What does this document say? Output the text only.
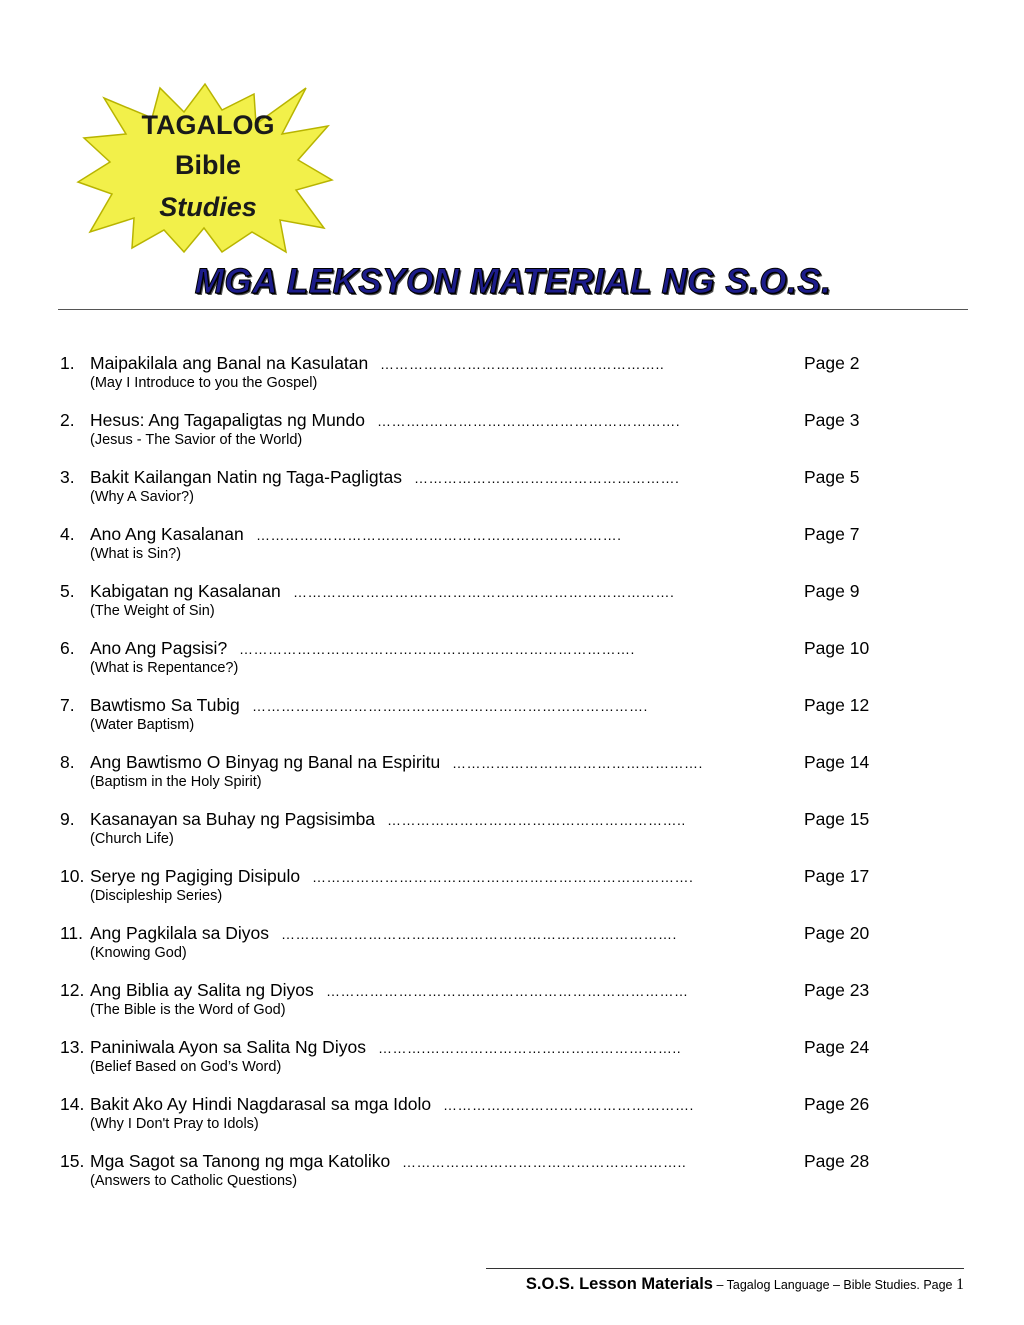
TAGALOG
Bible
Studies
MGA LEKSYON MATERIAL NG S.O.S.
1. Maipakilala ang Banal na Kasulatan …………………………………………………..	Page 2
(May I Introduce to you the Gospel)
2. Hesus: Ang Tagapaligtas ng Mundo ………..…………………………………………….	Page 3
(Jesus - The Savior of the World)
3. Bakit Kailangan Natin ng Taga-Pagligtas ……………………………………………….	Page 5
(Why A Savior?)
4. Ano Ang Kasalanan ………….……………..……………………………………….	Page 7
(What is Sin?)
5. Kabigatan ng Kasalanan …………………………………………………………………….	Page 9
(The Weight of Sin)
6. Ano Ang Pagsisi? ……………………………………………………………………….	Page 10
(What is Repentance?)
7. Bawtismo Sa Tubig ……………………………………………………………………….	Page 12
(Water Baptism)
8. Ang Bawtismo O Binyag ng Banal na Espiritu …………………………………………….	Page 14
(Baptism in the Holy Spirit)
9. Kasanayan sa Buhay ng Pagsisimba ……………………………………………………..	Page 15
(Church Life)
10. Serye ng Pagiging Disipulo …………………………………………………………………….	Page 17
(Discipleship Series)
11. Ang Pagkilala sa Diyos ……………………………………………………………………….	Page 20
(Knowing God)
12. Ang Biblia ay Salita ng Diyos …………………………………………………………………	Page 23
(The Bible is the Word of God)
13. Paniniwala Ayon sa Salita Ng Diyos ……….……………………………………………..	Page 24
(Belief Based on God’s Word)
14. Bakit Ako Ay Hindi Nagdarasal sa mga Idolo …………………………………………….	Page 26
(Why I Don't Pray to Idols)
15. Mga Sagot sa Tanong ng mga Katoliko …………………………………………………..	Page 28
(Answers to Catholic Questions)
S.O.S. Lesson Materials – Tagalog Language – Bible Studies. Page 1
